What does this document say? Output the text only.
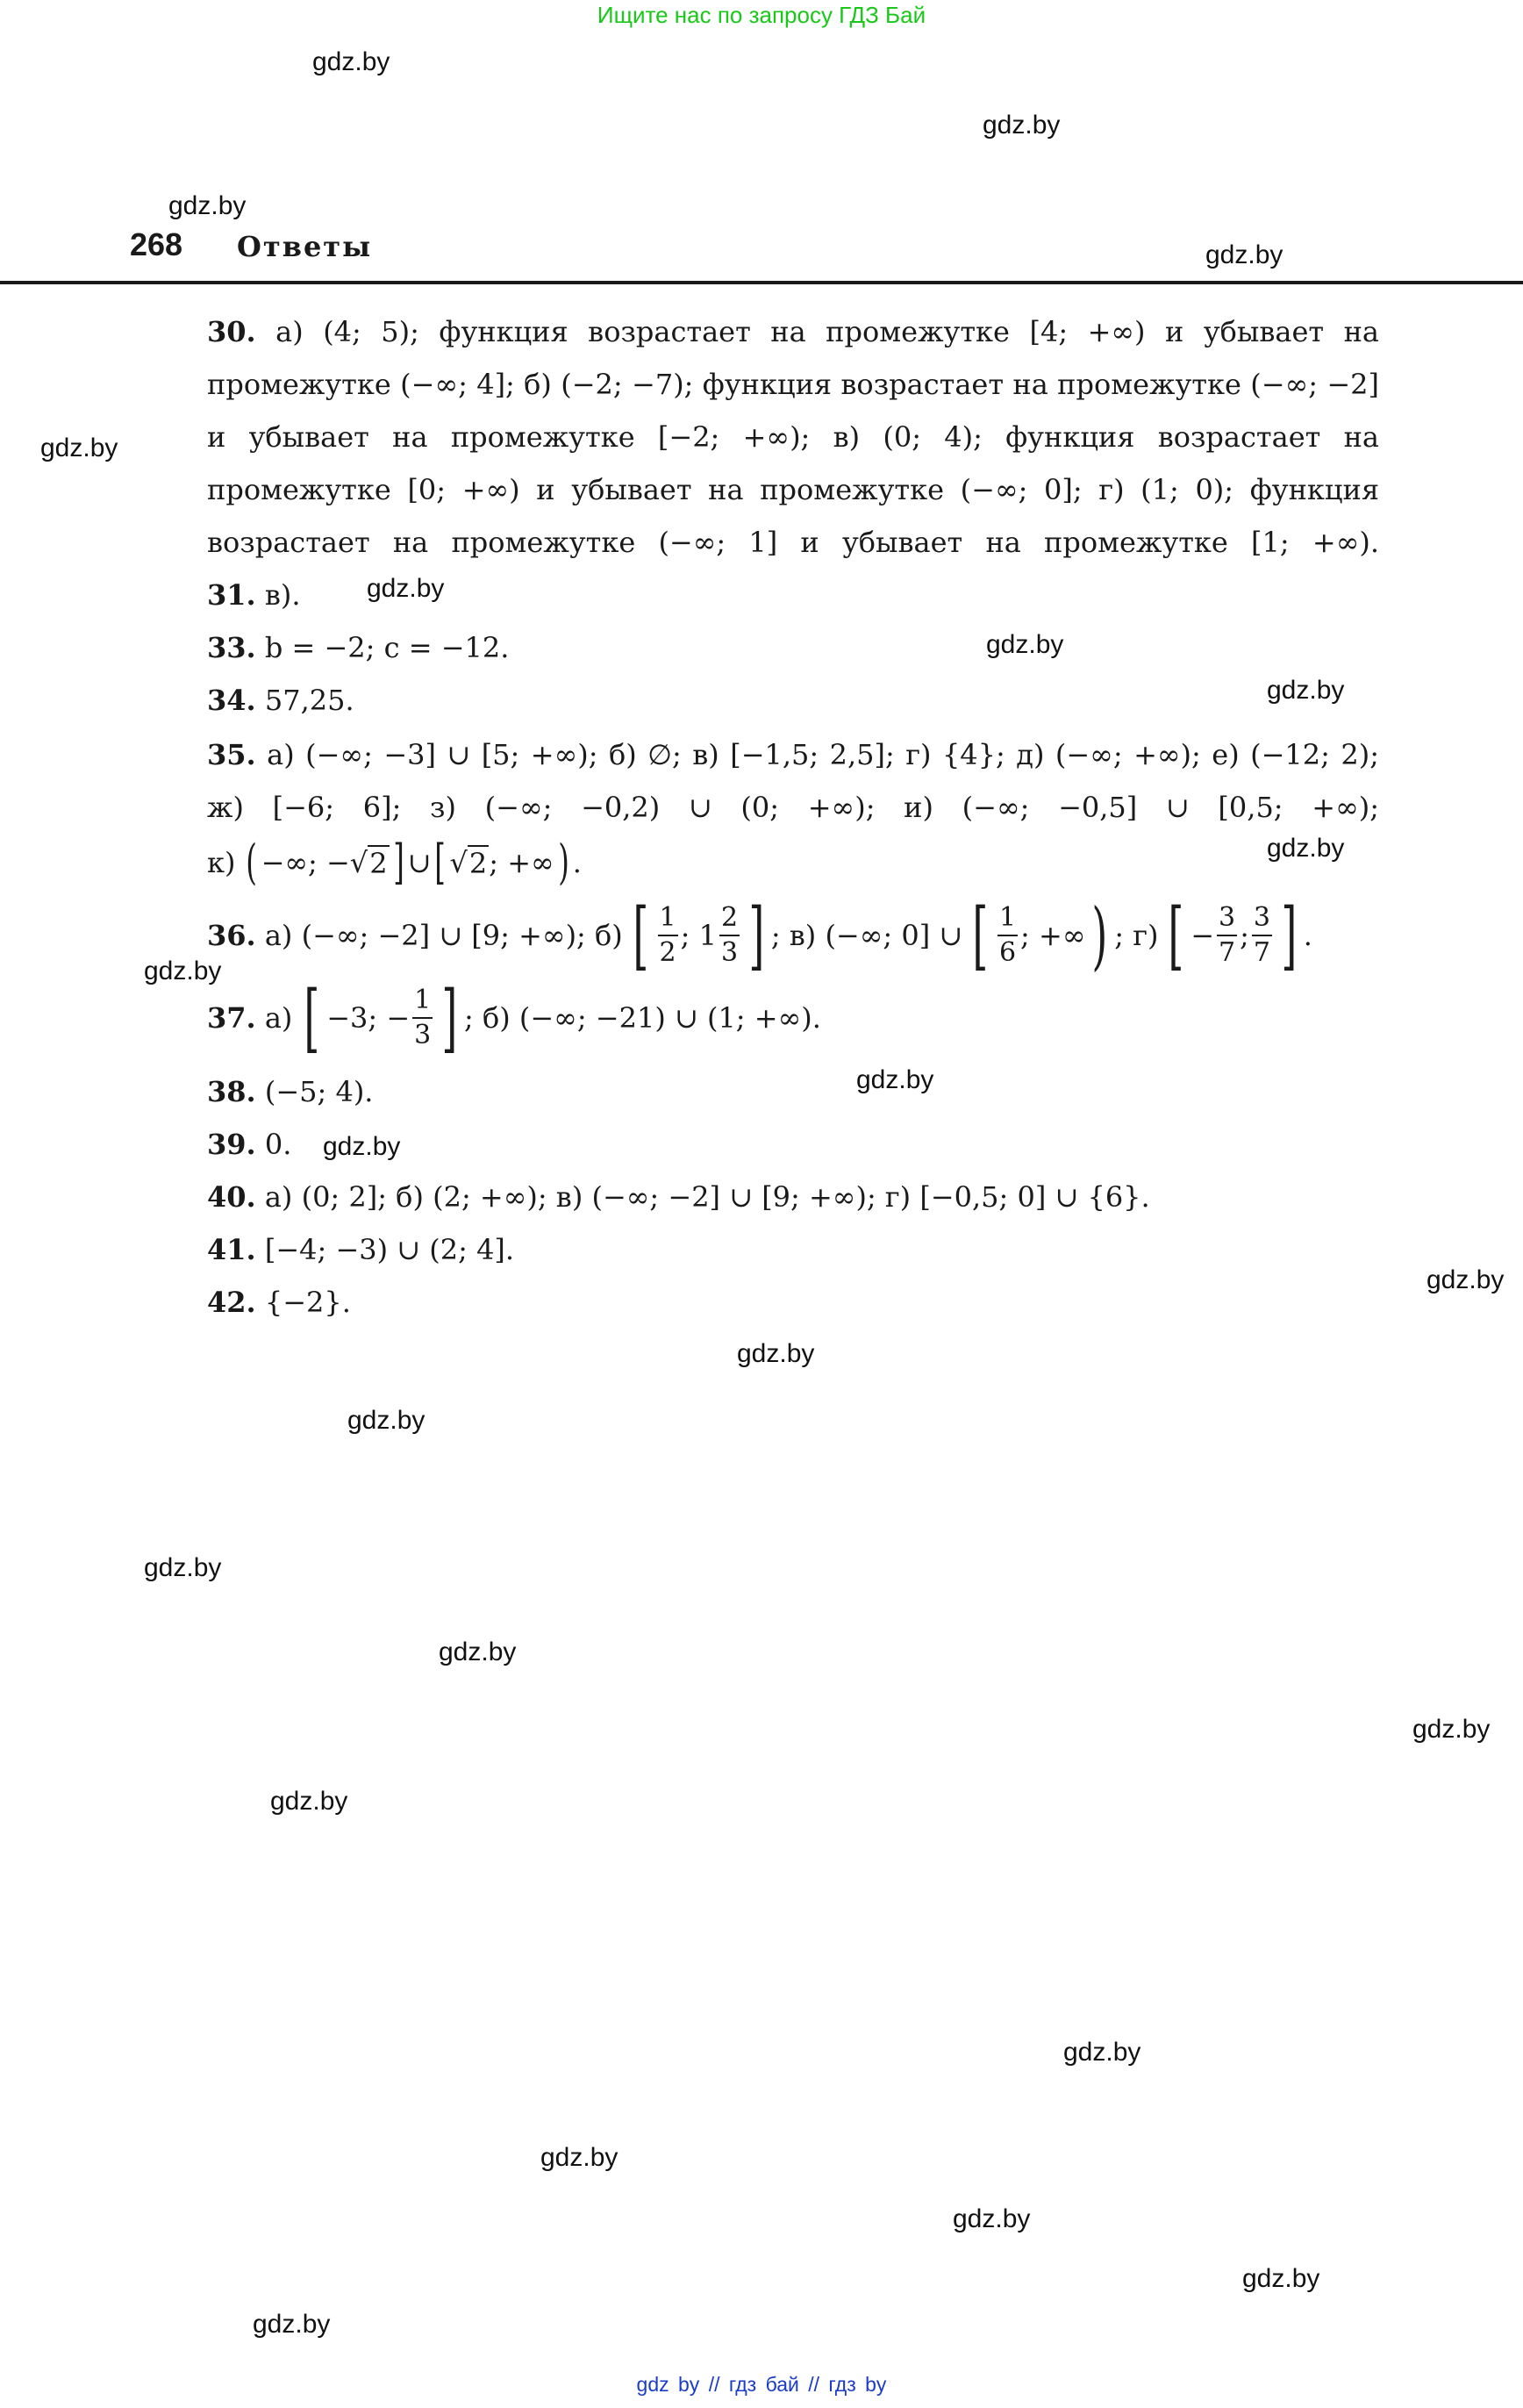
Ищите нас по запросу ГДЗ Бай
gdz.by
gdz.by
gdz.by
gdz.by
gdz.by
gdz.by
gdz.by
gdz.by
gdz.by
gdz.by
gdz.by
gdz.by
gdz.by
gdz.by
gdz.by
gdz.by
gdz.by
gdz.by
gdz.by
gdz.by
gdz.by
gdz.by
gdz.by
gdz.by
268 Ответы
30. а) (4; 5); функция возрастает на промежутке [4; +∞) и убывает на промежутке (−∞; 4]; б) (−2; −7); функция возрастает на промежутке (−∞; −2] и убывает на промежутке [−2; +∞); в) (0; 4); функция возрастает на промежутке [0; +∞) и убывает на промежутке (−∞; 0]; г) (1; 0); функция возрастает на промежутке (−∞; 1] и убывает на промежутке [1; +∞).
31. в).
33. b = −2; c = −12.
34. 57,25.
35. а) (−∞; −3] ∪ [5; +∞); б) ∅; в) [−1,5; 2,5]; г) {4}; д) (−∞; +∞); е) (−12; 2); ж) [−6; 6]; з) (−∞; −0,2) ∪ (0; +∞); и) (−∞; −0,5] ∪ [0,5; +∞);
к) ( −∞; − √ 2 ] ∪ [ √ 2 ; +∞ ) .
36.
а) (−∞; −2] ∪ [9; +∞); б) [ $\frac{1}{2}$ ; $1 \frac{2}{3}$ ] ; в) (−∞; 0] ∪ [ $\frac{1}{6}$ ; +∞ ) ; г) [ − $\frac{3}{7}$ ; $\frac{3}{7}$ ] .
37.
а) [ −3; − $\frac{1}{3}$ ] ; б) (−∞; −21) ∪ (1; +∞).
38. (−5; 4).
39. 0.
40. а) (0; 2]; б) (2; +∞); в) (−∞; −2] ∪ [9; +∞); г) [−0,5; 0] ∪ {6}.
41. [−4; −3) ∪ (2; 4].
42. {−2}.
gdz by // гдз бай // гдз by
